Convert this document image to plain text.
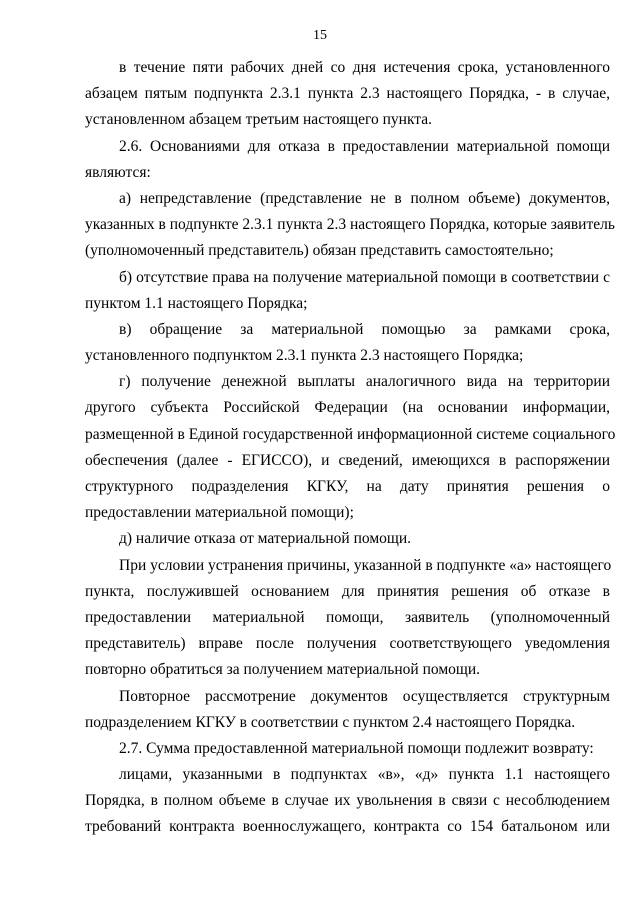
15
в течение пяти рабочих дней со дня истечения срока, установленного
абзацем пятым подпункта 2.3.1 пункта 2.3 настоящего Порядка, - в случае,
установленном абзацем третьим настоящего пункта.
2.6. Основаниями для отказа в предоставлении материальной помощи
являются:
а) непредставление (представление не в полном объеме) документов,
указанных в подпункте 2.3.1 пункта 2.3 настоящего Порядка, которые заявитель
(уполномоченный представитель) обязан представить самостоятельно;
б) отсутствие права на получение материальной помощи в соответствии с
пунктом 1.1 настоящего Порядка;
в) обращение за материальной помощью за рамками срока,
установленного подпунктом 2.3.1 пункта 2.3 настоящего Порядка;
г) получение денежной выплаты аналогичного вида на территории
другого субъекта Российской Федерации (на основании информации,
размещенной в Единой государственной информационной системе социального
обеспечения (далее - ЕГИССО), и сведений, имеющихся в распоряжении
структурного подразделения КГКУ, на дату принятия решения о
предоставлении материальной помощи);
д) наличие отказа от материальной помощи.
При условии устранения причины, указанной в подпункте «а» настоящего
пункта, послужившей основанием для принятия решения об отказе в
предоставлении материальной помощи, заявитель (уполномоченный
представитель) вправе после получения соответствующего уведомления
повторно обратиться за получением материальной помощи.
Повторное рассмотрение документов осуществляется структурным
подразделением КГКУ в соответствии с пунктом 2.4 настоящего Порядка.
2.7. Сумма предоставленной материальной помощи подлежит возврату:
лицами, указанными в подпунктах «в», «д» пункта 1.1 настоящего
Порядка, в полном объеме в случае их увольнения в связи с несоблюдением
требований контракта военнослужащего, контракта со 154 батальоном или
